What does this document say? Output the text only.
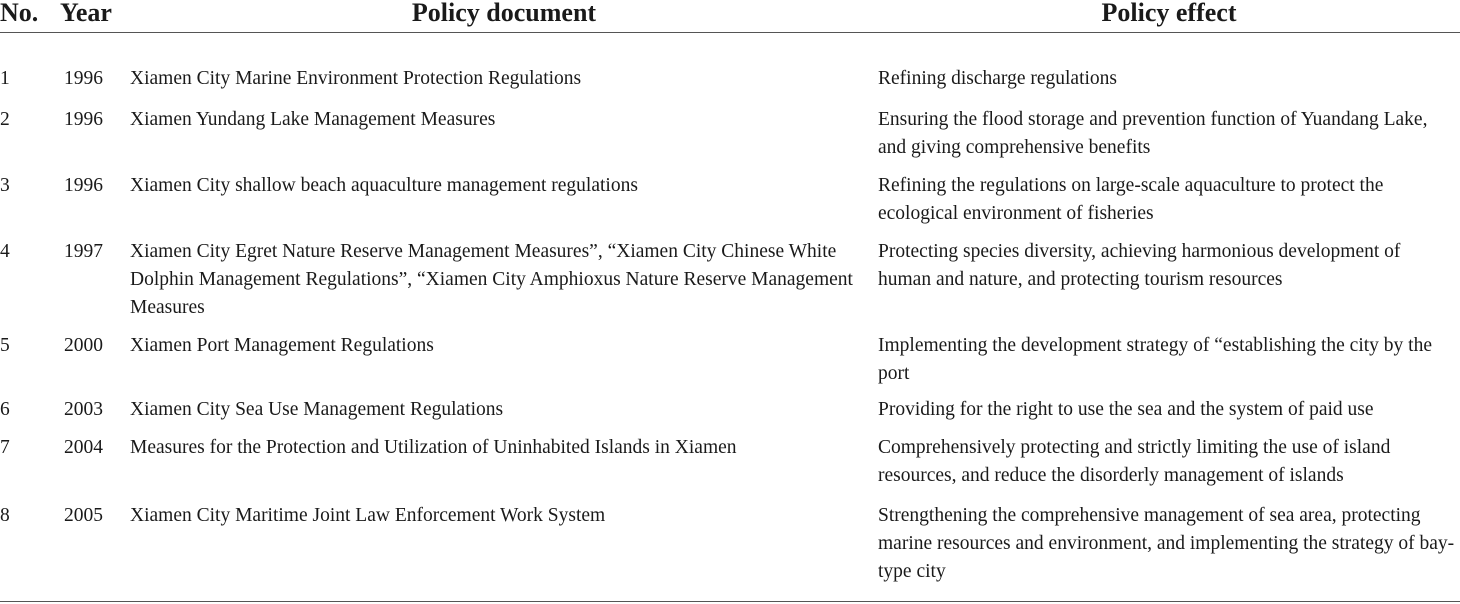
No.	Year	Policy document	Policy effect
1	1996	Xiamen City Marine Environment Protection Regulations	Refining discharge regulations
2	1996	Xiamen Yundang Lake Management Measures	Ensuring the flood storage and prevention function of Yuandang Lake, and giving comprehensive benefits
3	1996	Xiamen City shallow beach aquaculture management regulations	Refining the regulations on large-scale aquaculture to protect the ecological environment of fisheries
4	1997	Xiamen City Egret Nature Reserve Management Measures”, “Xiamen City Chinese White Dolphin Management Regulations”, “Xiamen City Amphioxus Nature Reserve Management Measures	Protecting species diversity, achieving harmonious development of human and nature, and protecting tourism resources
5	2000	Xiamen Port Management Regulations	Implementing the development strategy of “establishing the city by the port
6	2003	Xiamen City Sea Use Management Regulations	Providing for the right to use the sea and the system of paid use
7	2004	Measures for the Protection and Utilization of Uninhabited Islands in Xiamen	Comprehensively protecting and strictly limiting the use of island resources, and reduce the disorderly management of islands
8	2005	Xiamen City Maritime Joint Law Enforcement Work System	Strengthening the comprehensive management of sea area, protecting marine resources and environment, and implementing the strategy of bay-type city
